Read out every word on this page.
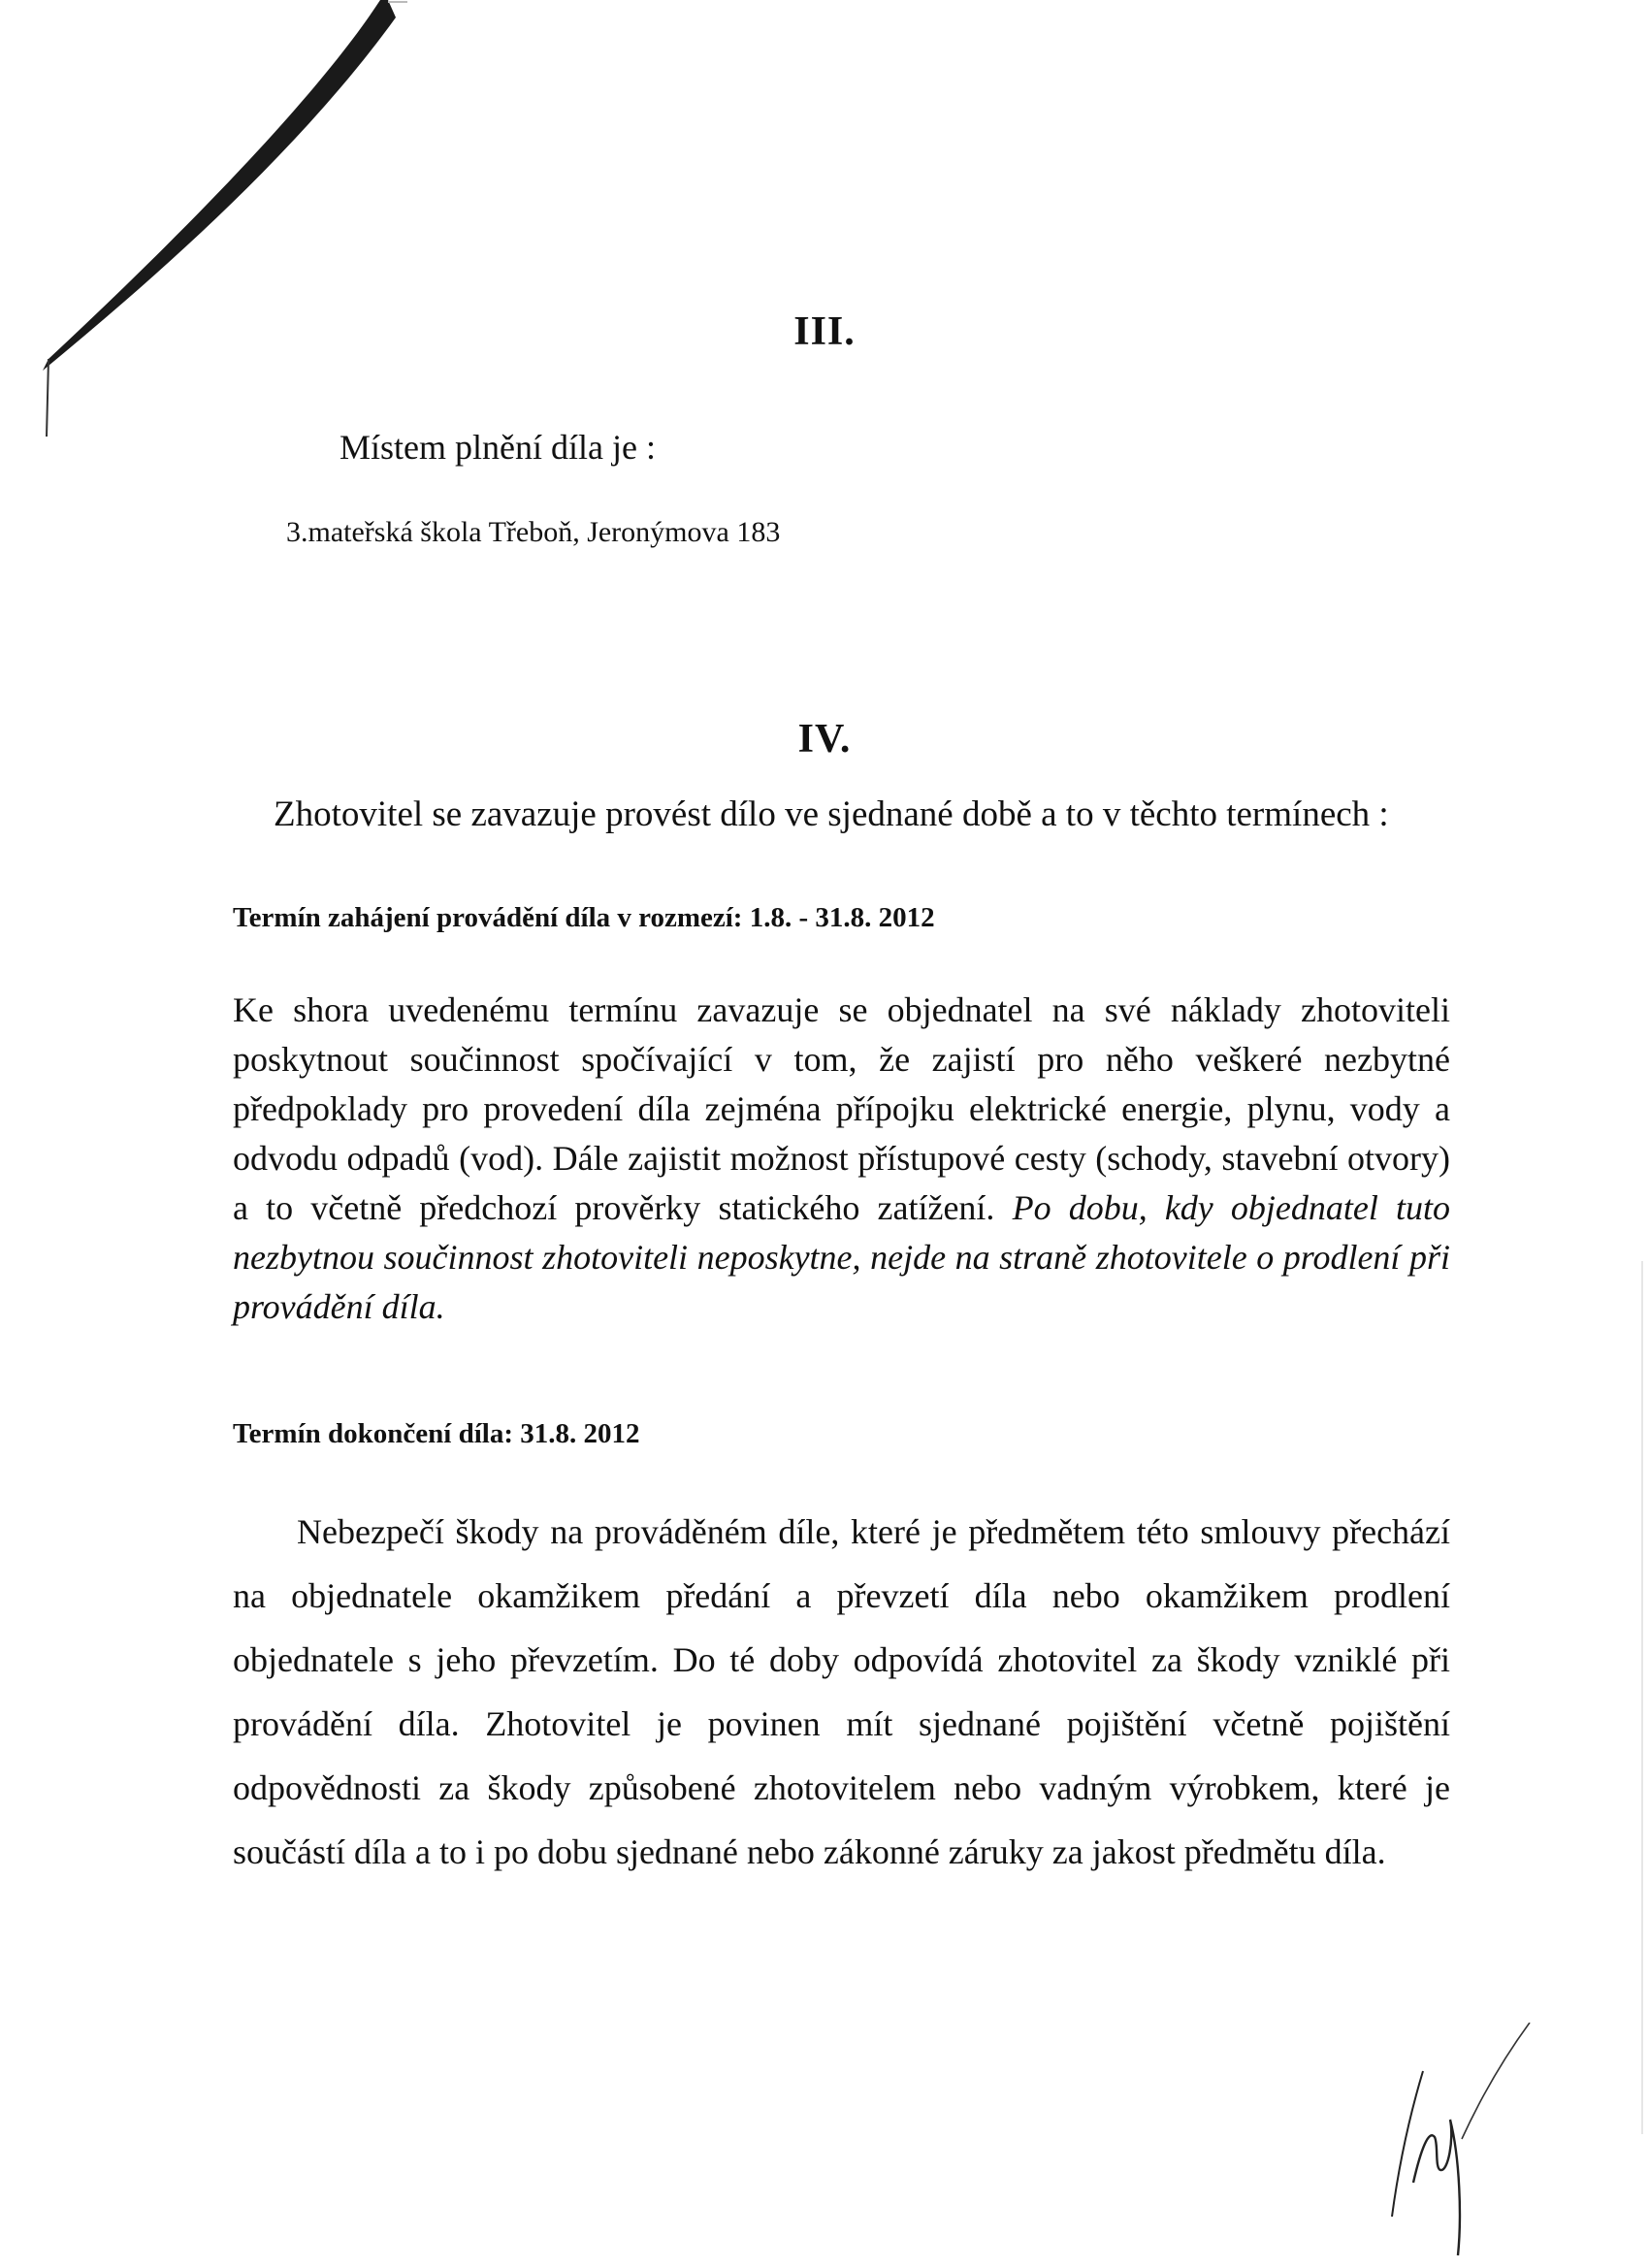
III.
Místem plnění díla je :
3.mateřská škola Třeboň, Jeronýmova 183
IV.
Zhotovitel se zavazuje provést dílo ve sjednané době a to v těchto termínech :
Termín zahájení provádění díla v rozmezí: 1.8. - 31.8. 2012
Ke shora uvedenému termínu zavazuje se objednatel na své náklady zhotoviteli poskytnout součinnost spočívající v tom, že zajistí pro něho veškeré nezbytné předpoklady pro provedení díla zejména přípojku elektrické energie, plynu, vody a odvodu odpadů (vod). Dále zajistit možnost přístupové cesty (schody, stavební otvory) a to včetně předchozí prověrky statického zatížení. Po dobu, kdy objednatel tuto nezbytnou součinnost zhotoviteli neposkytne, nejde na straně zhotovitele o prodlení při provádění díla.
Termín dokončení díla: 31.8. 2012
Nebezpečí škody na prováděném díle, které je předmětem této smlouvy přechází na objednatele okamžikem předání a převzetí díla nebo okamžikem prodlení objednatele s jeho převzetím. Do té doby odpovídá zhotovitel za škody vzniklé při provádění díla. Zhotovitel je povinen mít sjednané pojištění včetně pojištění odpovědnosti za škody způsobené zhotovitelem nebo vadným výrobkem, které je součástí díla a to i po dobu sjednané nebo zákonné záruky za jakost předmětu díla.
